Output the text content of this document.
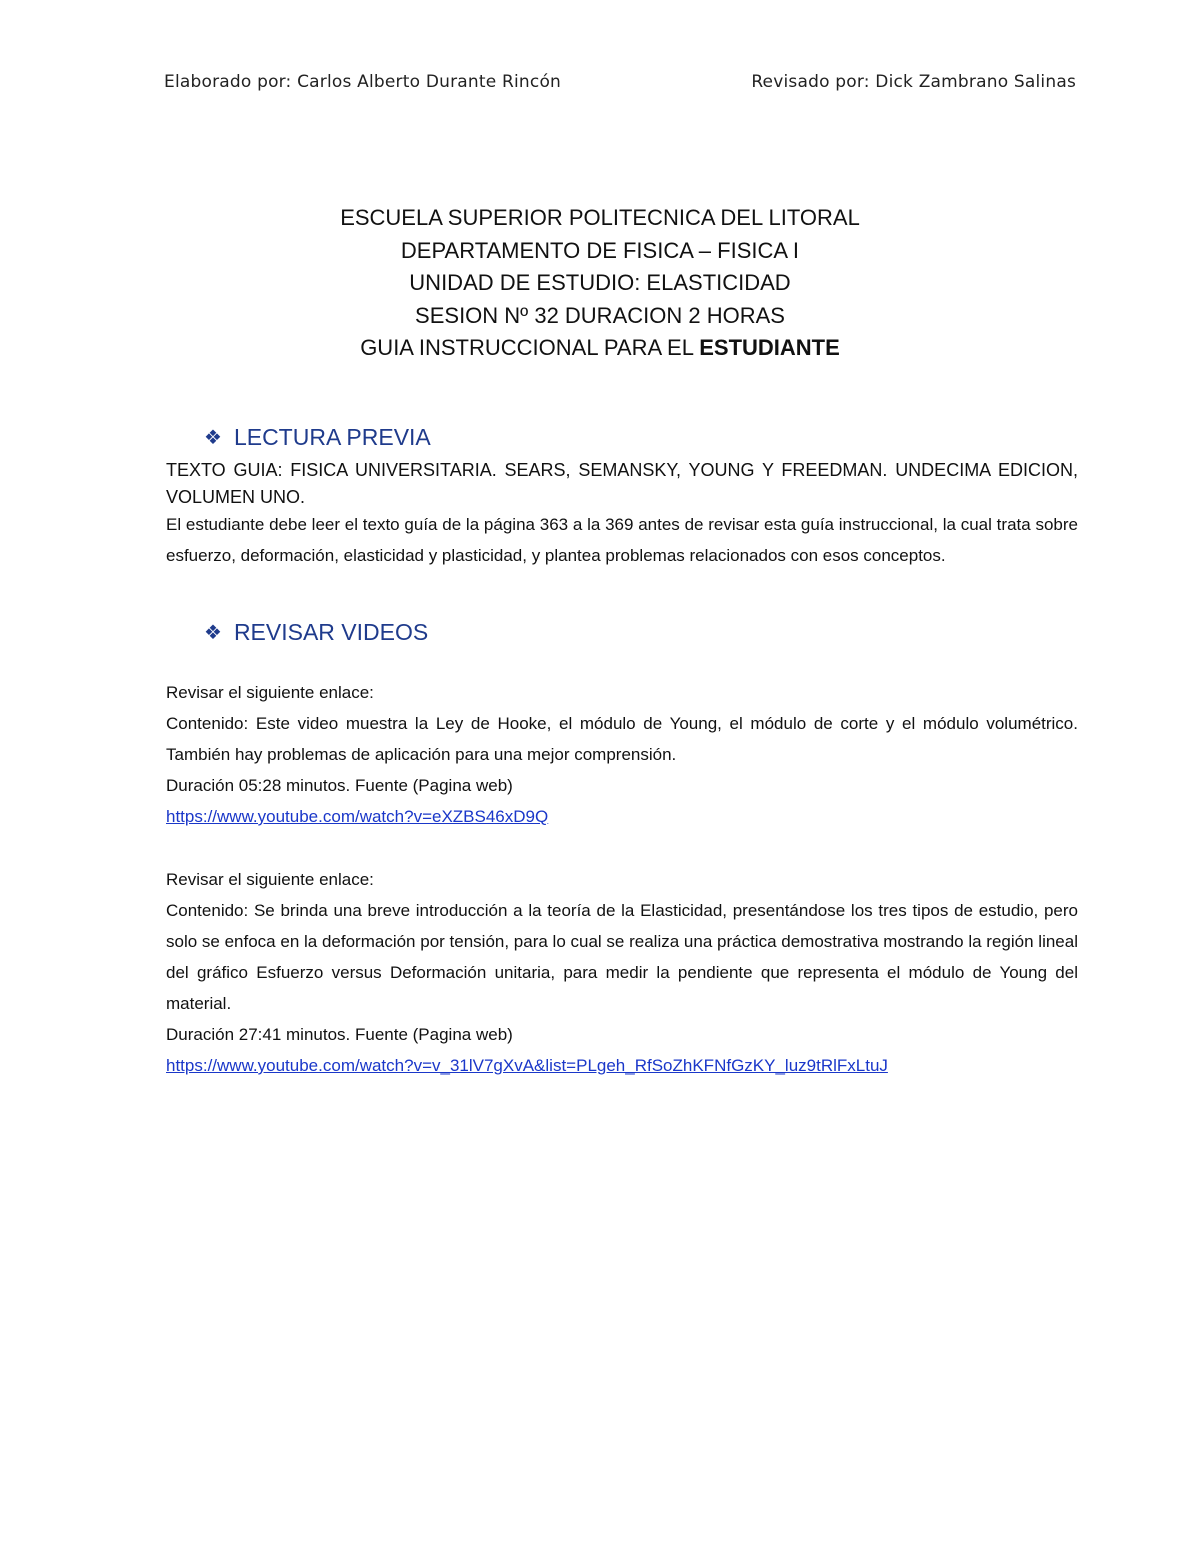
Elaborado por: Carlos Alberto Durante Rincón	Revisado por: Dick Zambrano Salinas
ESCUELA SUPERIOR POLITECNICA DEL LITORAL
DEPARTAMENTO DE FISICA – FISICA I
UNIDAD DE ESTUDIO: ELASTICIDAD
SESION Nº 32 DURACION 2 HORAS
GUIA INSTRUCCIONAL PARA EL ESTUDIANTE
❖ LECTURA PREVIA

TEXTO GUIA: FISICA UNIVERSITARIA. SEARS, SEMANSKY, YOUNG Y FREEDMAN. UNDECIMA EDICION, VOLUMEN UNO.

El estudiante debe leer el texto guía de la página 363 a la 369 antes de revisar esta guía instruccional, la cual trata sobre esfuerzo, deformación, elasticidad y plasticidad, y plantea problemas relacionados con esos conceptos.

❖ REVISAR VIDEOS

Revisar el siguiente enlace:

Contenido: Este video muestra la Ley de Hooke, el módulo de Young, el módulo de corte y el módulo volumétrico. También hay problemas de aplicación para una mejor comprensión.

Duración 05:28 minutos. Fuente (Pagina web)

https://www.youtube.com/watch?v=eXZBS46xD9Q

Revisar el siguiente enlace:

Contenido: Se brinda una breve introducción a la teoría de la Elasticidad, presentándose los tres tipos de estudio, pero solo se enfoca en la deformación por tensión, para lo cual se realiza una práctica demostrativa mostrando la región lineal del gráfico Esfuerzo versus Deformación unitaria, para medir la pendiente que representa el módulo de Young del material.

Duración 27:41 minutos. Fuente (Pagina web)

https://www.youtube.com/watch?v=v_31lV7gXvA&list=PLgeh_RfSoZhKFNfGzKY_luz9tRlFxLtuJ
